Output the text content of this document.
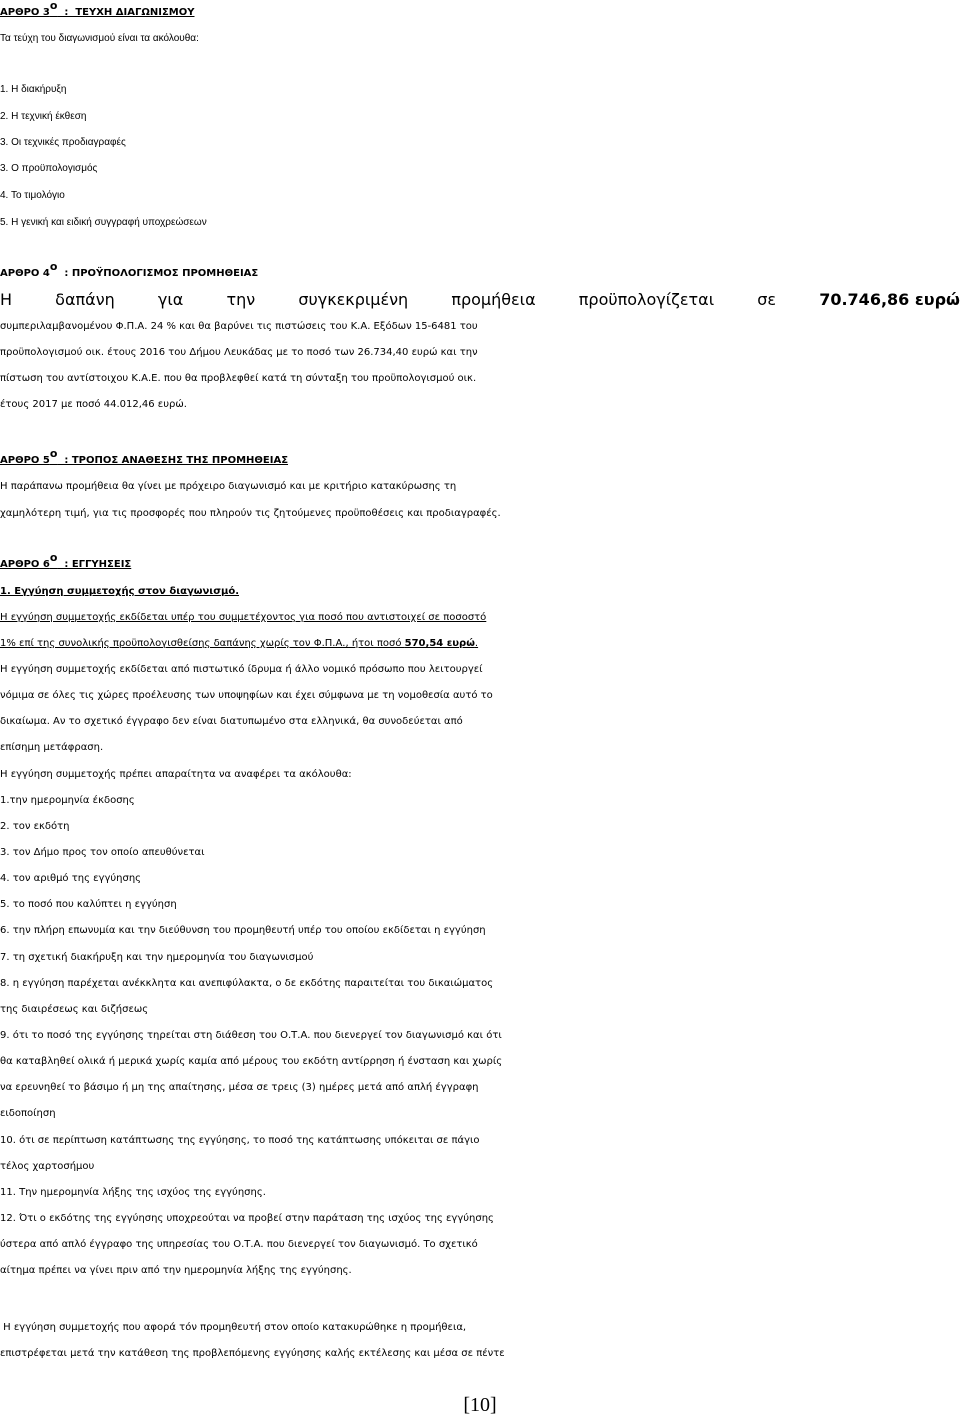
ΑΡΘΡΟ $3^o$  :  ΤΕΥΧΗ ΔΙΑΓΩΝΙΣΜΟΥ
Τα τεύχη του διαγωνισμού είναι τα ακόλουθα:
1. Η διακήρυξη
2. Η τεχνική έκθεση
3. Οι τεχνικές προδιαγραφές
3. Ο προϋπολογισμός
4. Το τιμολόγιο
5. Η γενική και ειδική συγγραφή υποχρεώσεων
ΑΡΘΡΟ $4^o$  : ΠΡΟΫΠΟΛΟΓΙΣΜΟΣ ΠΡΟΜΗΘΕΙΑΣ
Η	δαπάνη	για	την	συγκεκριμένη	προμήθεια	προϋπολογίζεται	σε	70.746,86 ευρώ
συμπεριλαμβανομένου Φ.Π.Α. 24 % και θα βαρύνει τις πιστώσεις του Κ.Α. Εξόδων 15-6481 του
προϋπολογισμού οικ. έτους 2016 του Δήμου Λευκάδας με το ποσό των 26.734,40 ευρώ και την
πίστωση του αντίστοιχου Κ.Α.Ε. που θα προβλεφθεί κατά τη σύνταξη του προϋπολογισμού οικ.
έτους 2017 με ποσό 44.012,46 ευρώ.
ΑΡΘΡΟ $5^o$  : ΤΡΟΠΟΣ ΑΝΑΘΕΣΗΣ ΤΗΣ ΠΡΟΜΗΘΕΙΑΣ
Η παράπανω προμήθεια θα γίνει με πρόχειρο διαγωνισμό και με κριτήριο κατακύρωσης τη
χαμηλότερη τιμή, για τις προσφορές που πληρούν τις ζητούμενες προϋποθέσεις και προδιαγραφές.
ΑΡΘΡΟ $6^o$  : ΕΓΓΥΗΣΕΙΣ
1. Εγγύηση συμμετοχής στον διαγωνισμό.
Η εγγύηση συμμετοχής εκδίδεται υπέρ του συμμετέχοντος για ποσό που αντιστοιχεί σε ποσοστό
1% επί της συνολικής προϋπολογισθείσης δαπάνης χωρίς τον Φ.Π.Α., ήτοι ποσό 570,54 ευρώ.
Η εγγύηση συμμετοχής εκδίδεται από πιστωτικό ίδρυμα ή άλλο νομικό πρόσωπο που λειτουργεί
νόμιμα σε όλες τις χώρες προέλευσης των υποψηφίων και έχει σύμφωνα με τη νομοθεσία αυτό το
δικαίωμα. Αν το σχετικό έγγραφο δεν είναι διατυπωμένο στα ελληνικά, θα συνοδεύεται από
επίσημη μετάφραση.
Η εγγύηση συμμετοχής πρέπει απαραίτητα να αναφέρει τα ακόλουθα:
1.την ημερομηνία έκδοσης
2. τον εκδότη
3. τον Δήμο προς τον οποίο απευθύνεται
4. τον αριθμό της εγγύησης
5. το ποσό που καλύπτει η εγγύηση
6. την πλήρη επωνυμία και την διεύθυνση του προμηθευτή υπέρ του οποίου εκδίδεται η εγγύηση
7. τη σχετική διακήρυξη και την ημερομηνία του διαγωνισμού
8. η εγγύηση παρέχεται ανέκκλητα και ανεπιφύλακτα, ο δε εκδότης παραιτείται του δικαιώματος
της διαιρέσεως και διζήσεως
9. ότι το ποσό της εγγύησης τηρείται στη διάθεση του Ο.Τ.Α. που διενεργεί τον διαγωνισμό και ότι
θα καταβληθεί ολικά ή μερικά χωρίς καμία από μέρους του εκδότη αντίρρηση ή ένσταση και χωρίς
να ερευνηθεί το βάσιμο ή μη της απαίτησης, μέσα σε τρεις (3) ημέρες μετά από απλή έγγραφη
ειδοποίηση
10. ότι σε περίπτωση κατάπτωσης της εγγύησης, το ποσό της κατάπτωσης υπόκειται σε πάγιο
τέλος χαρτοσήμου
11. Την ημερομηνία λήξης της ισχύος της εγγύησης.
12. Ότι ο εκδότης της εγγύησης υποχρεούται να προβεί στην παράταση της ισχύος της εγγύησης
ύστερα από απλό έγγραφο της υπηρεσίας του Ο.Τ.Α. που διενεργεί τον διαγωνισμό. Το σχετικό
αίτημα πρέπει να γίνει πριν από την ημερομηνία λήξης της εγγύησης.
Η εγγύηση συμμετοχής που αφορά τόν προμηθευτή στον οποίο κατακυρώθηκε η προμήθεια,
επιστρέφεται μετά την κατάθεση της προβλεπόμενης εγγύησης καλής εκτέλεσης και μέσα σε πέντε
[10]
